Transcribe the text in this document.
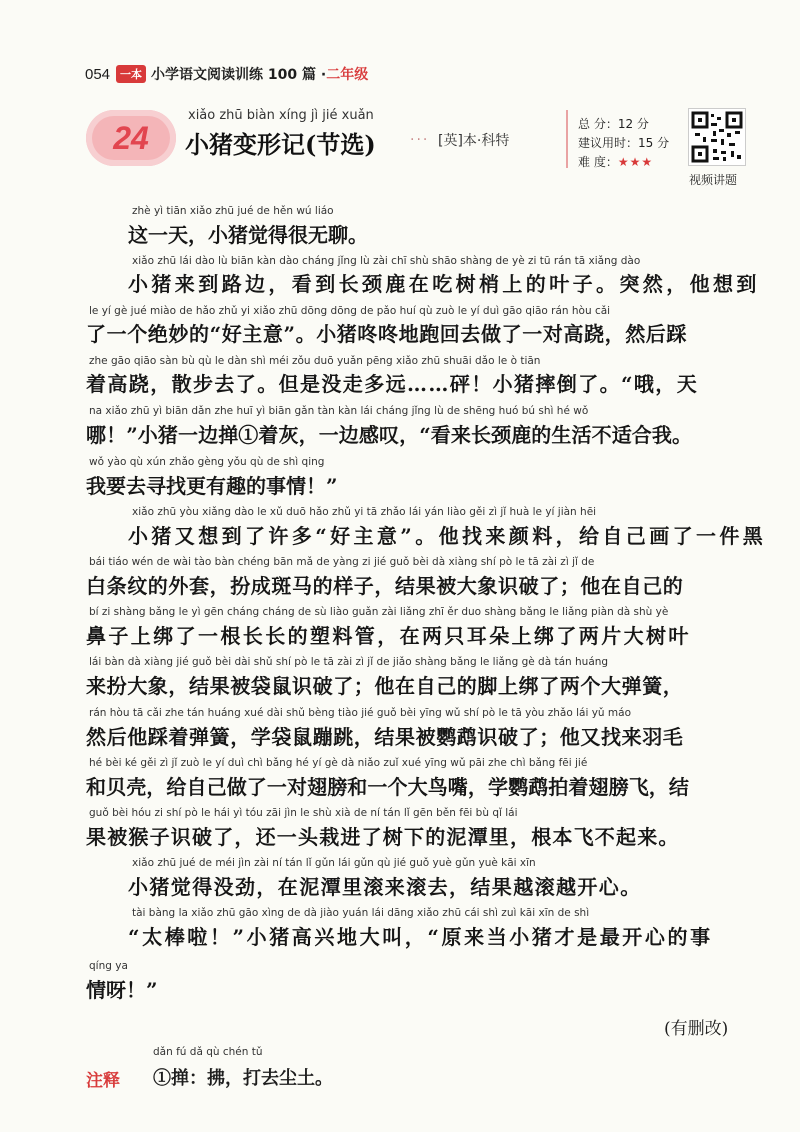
054 一本 小学语文阅读训练 100 篇 · 二年级
24
xiǎo zhū biàn xíng jì jié xuǎn
小猪变形记(节选) ··· [英]本·科特
总 分：12 分
建议用时：15 分
难 度：★★★
视频讲题
zhè yì tiān xiǎo zhū jué de hěn wú liáo
这一天，小猪觉得很无聊。
xiǎo zhū lái dào lù biān kàn dào cháng jǐng lù zài chī shù shāo shàng de yè zi tū rán tā xiǎng dào
小猪来到路边，看到长颈鹿在吃树梢上的叶子。突然，他想到
le yí gè jué miào de hǎo zhǔ yi xiǎo zhū dōng dōng de pǎo huí qù zuò le yí duì gāo qiāo rán hòu cǎi
了一个绝妙的“好主意”。小猪咚咚地跑回去做了一对高跷，然后踩
zhe gāo qiāo sàn bù qù le dàn shì méi zǒu duō yuǎn pēng xiǎo zhū shuāi dǎo le ò tiān
着高跷，散步去了。但是没走多远……砰！小猪摔倒了。“哦，天
na xiǎo zhū yì biān dǎn zhe huī yì biān gǎn tàn kàn lái cháng jǐng lù de shēng huó bú shì hé wǒ
哪！”小猪一边掸①着灰，一边感叹，“看来长颈鹿的生活不适合我。
wǒ yào qù xún zhǎo gèng yǒu qù de shì qing
我要去寻找更有趣的事情！”
xiǎo zhū yòu xiǎng dào le xǔ duō hǎo zhǔ yi tā zhǎo lái yán liào gěi zì jǐ huà le yí jiàn hēi
小猪又想到了许多“好主意”。他找来颜料，给自己画了一件黑
bái tiáo wén de wài tào bàn chéng bān mǎ de yàng zi jié guǒ bèi dà xiàng shí pò le tā zài zì jǐ de
白条纹的外套，扮成斑马的样子，结果被大象识破了；他在自己的
bí zi shàng bǎng le yì gēn cháng cháng de sù liào guǎn zài liǎng zhī ěr duo shàng bǎng le liǎng piàn dà shù yè
鼻子上绑了一根长长的塑料管，在两只耳朵上绑了两片大树叶
lái bàn dà xiàng jié guǒ bèi dài shǔ shí pò le tā zài zì jǐ de jiǎo shàng bǎng le liǎng gè dà tán huáng
来扮大象，结果被袋鼠识破了；他在自己的脚上绑了两个大弹簧，
rán hòu tā cǎi zhe tán huáng xué dài shǔ bèng tiào jié guǒ bèi yīng wǔ shí pò le tā yòu zhǎo lái yǔ máo
然后他踩着弹簧，学袋鼠蹦跳，结果被鹦鹉识破了；他又找来羽毛
hé bèi ké gěi zì jǐ zuò le yí duì chì bǎng hé yí gè dà niǎo zuǐ xué yīng wǔ pāi zhe chì bǎng fēi jié
和贝壳，给自己做了一对翅膀和一个大鸟嘴，学鹦鹉拍着翅膀飞，结
guǒ bèi hóu zi shí pò le hái yì tóu zāi jìn le shù xià de ní tán lǐ gēn běn fēi bù qǐ lái
果被猴子识破了，还一头栽进了树下的泥潭里，根本飞不起来。
xiǎo zhū jué de méi jìn zài ní tán lǐ gǔn lái gǔn qù jié guǒ yuè gǔn yuè kāi xīn
小猪觉得没劲，在泥潭里滚来滚去，结果越滚越开心。
tài bàng la xiǎo zhū gāo xìng de dà jiào yuán lái dāng xiǎo zhū cái shì zuì kāi xīn de shì
“太棒啦！”小猪高兴地大叫，“原来当小猪才是最开心的事
qíng ya
情呀！”
(有删改)
注释
dǎn fú dǎ qù chén tǔ
①掸：拂，打去尘土。
